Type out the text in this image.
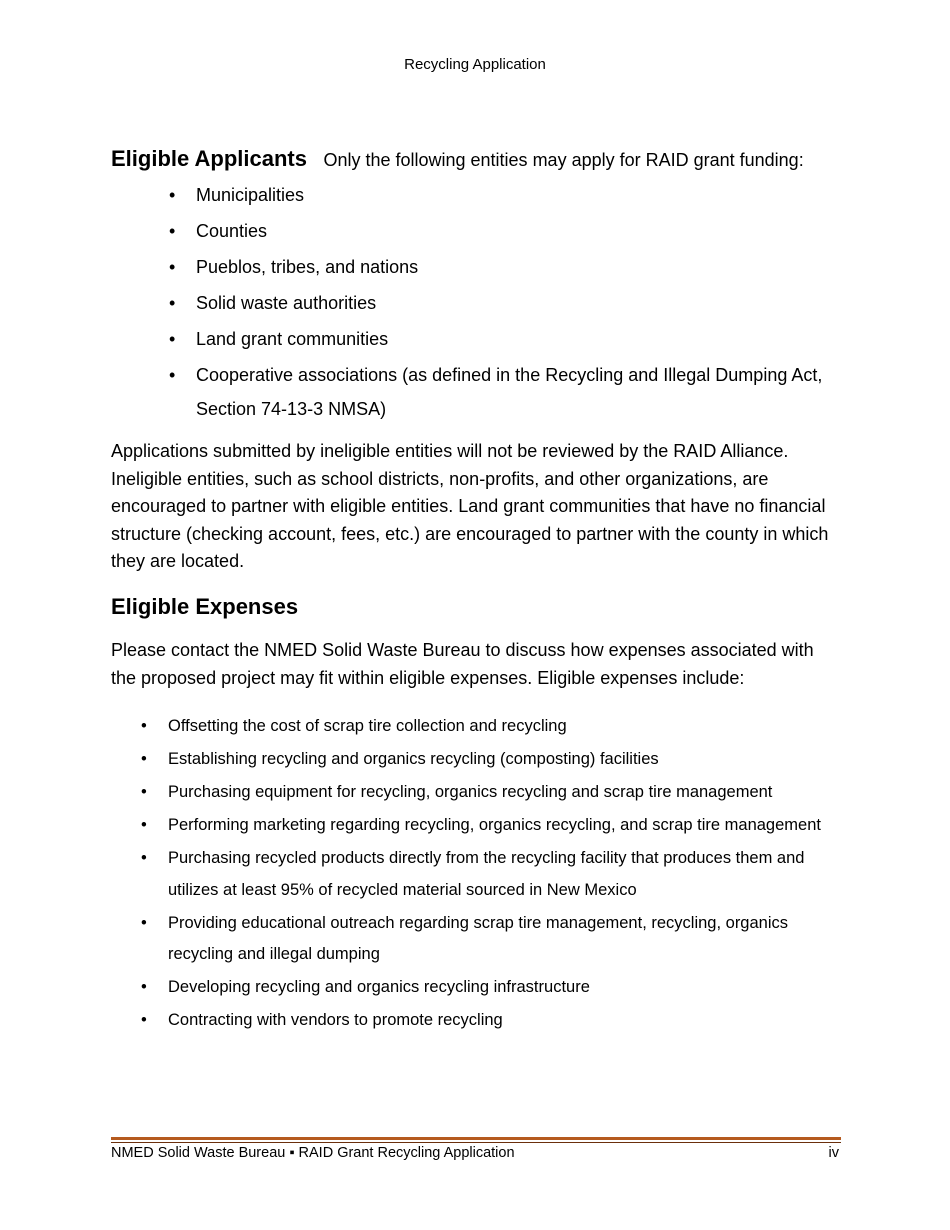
Recycling Application
Eligible Applicants Only the following entities may apply for RAID grant funding:
• Municipalities
• Counties
• Pueblos, tribes, and nations
• Solid waste authorities
• Land grant communities
• Cooperative associations (as defined in the Recycling and Illegal Dumping Act, Section 74-13-3 NMSA)

Applications submitted by ineligible entities will not be reviewed by the RAID Alliance. Ineligible entities, such as school districts, non-profits, and other organizations, are encouraged to partner with eligible entities. Land grant communities that have no financial structure (checking account, fees, etc.) are encouraged to partner with the county in which they are located.

Eligible Expenses

Please contact the NMED Solid Waste Bureau to discuss how expenses associated with the proposed project may fit within eligible expenses. Eligible expenses include:

• Offsetting the cost of scrap tire collection and recycling
• Establishing recycling and organics recycling (composting) facilities
• Purchasing equipment for recycling, organics recycling and scrap tire management
• Performing marketing regarding recycling, organics recycling, and scrap tire management
• Purchasing recycled products directly from the recycling facility that produces them and utilizes at least 95% of recycled material sourced in New Mexico
• Providing educational outreach regarding scrap tire management, recycling, organics recycling and illegal dumping
• Developing recycling and organics recycling infrastructure
• Contracting with vendors to promote recycling
NMED Solid Waste Bureau ▪ RAID Grant Recycling Application	iv
